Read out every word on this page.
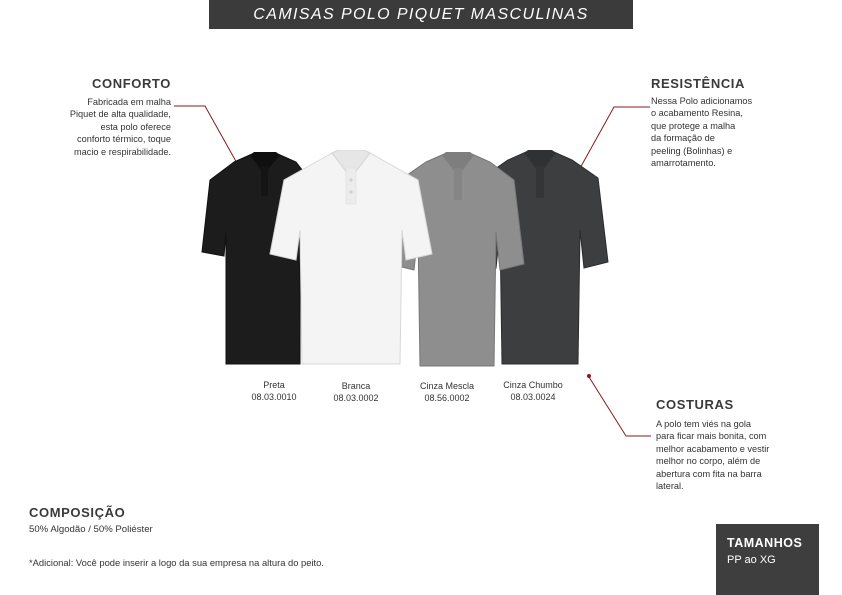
CAMISAS POLO PIQUET MASCULINAS
CONFORTO
Fabricada em malha
Piquet de alta qualidade,
esta polo oferece
conforto térmico, toque
macio e respirabilidade.
RESISTÊNCIA
Nessa Polo adicionamos
o acabamento Resina,
que protege a malha
da formação de
peeling (Bolinhas) e
amarrotamento.
COSTURAS
A polo tem viés na gola
para ficar mais bonita, com
melhor acabamento e vestir
melhor no corpo, além de
abertura com fita na barra
lateral.
Preta
08.03.0010
Branca
08.03.0002
Cinza Mescla
08.56.0002
Cinza Chumbo
08.03.0024
COMPOSIÇÃO
50% Algodão / 50% Poliéster
*Adicional: Você pode inserir a logo da sua empresa na altura do peito.
TAMANHOS
PP ao XG
